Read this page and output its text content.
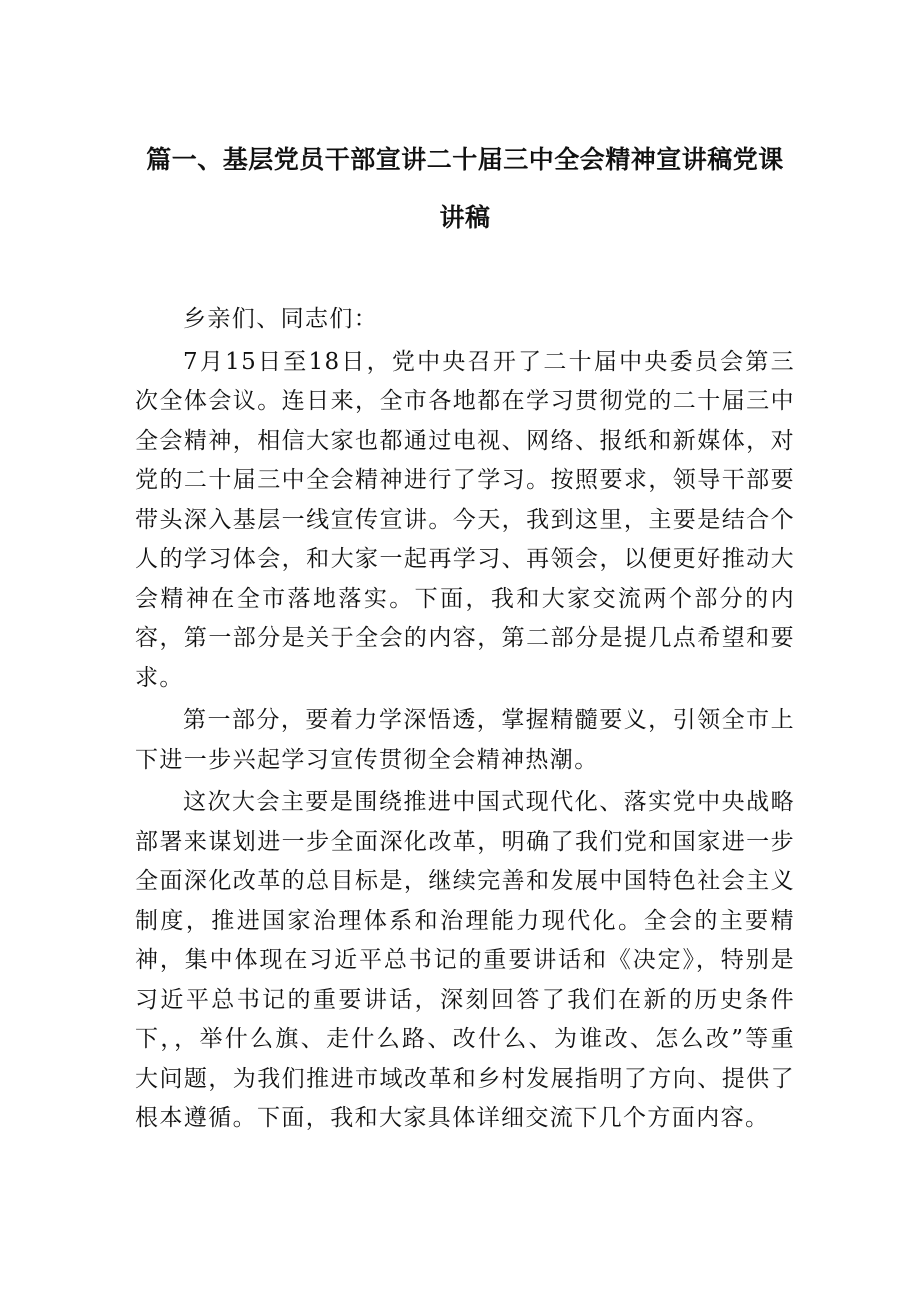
篇一、基层党员干部宣讲二十届三中全会精神宣讲稿党课
讲稿

乡亲们、同志们：

7月15日至18日，党中央召开了二十届中央委员会第三次全体会议。连日来，全市各地都在学习贯彻党的二十届三中全会精神，相信大家也都通过电视、网络、报纸和新媒体，对党的二十届三中全会精神进行了学习。按照要求，领导干部要带头深入基层一线宣传宣讲。今天，我到这里，主要是结合个人的学习体会，和大家一起再学习、再领会，以便更好推动大会精神在全市落地落实。下面，我和大家交流两个部分的内容，第一部分是关于全会的内容，第二部分是提几点希望和要求。

第一部分，要着力学深悟透，掌握精髓要义，引领全市上下进一步兴起学习宣传贯彻全会精神热潮。

这次大会主要是围绕推进中国式现代化、落实党中央战略部署来谋划进一步全面深化改革，明确了我们党和国家进一步全面深化改革的总目标是，继续完善和发展中国特色社会主义制度，推进国家治理体系和治理能力现代化。全会的主要精神，集中体现在习近平总书记的重要讲话和《决定》，特别是习近平总书记的重要讲话，深刻回答了我们在新的历史条件下，，举什么旗、走什么路、改什么、为谁改、怎么改”等重大问题，为我们推进市域改革和乡村发展指明了方向、提供了根本遵循。下面，我和大家具体详细交流下几个方面内容。
